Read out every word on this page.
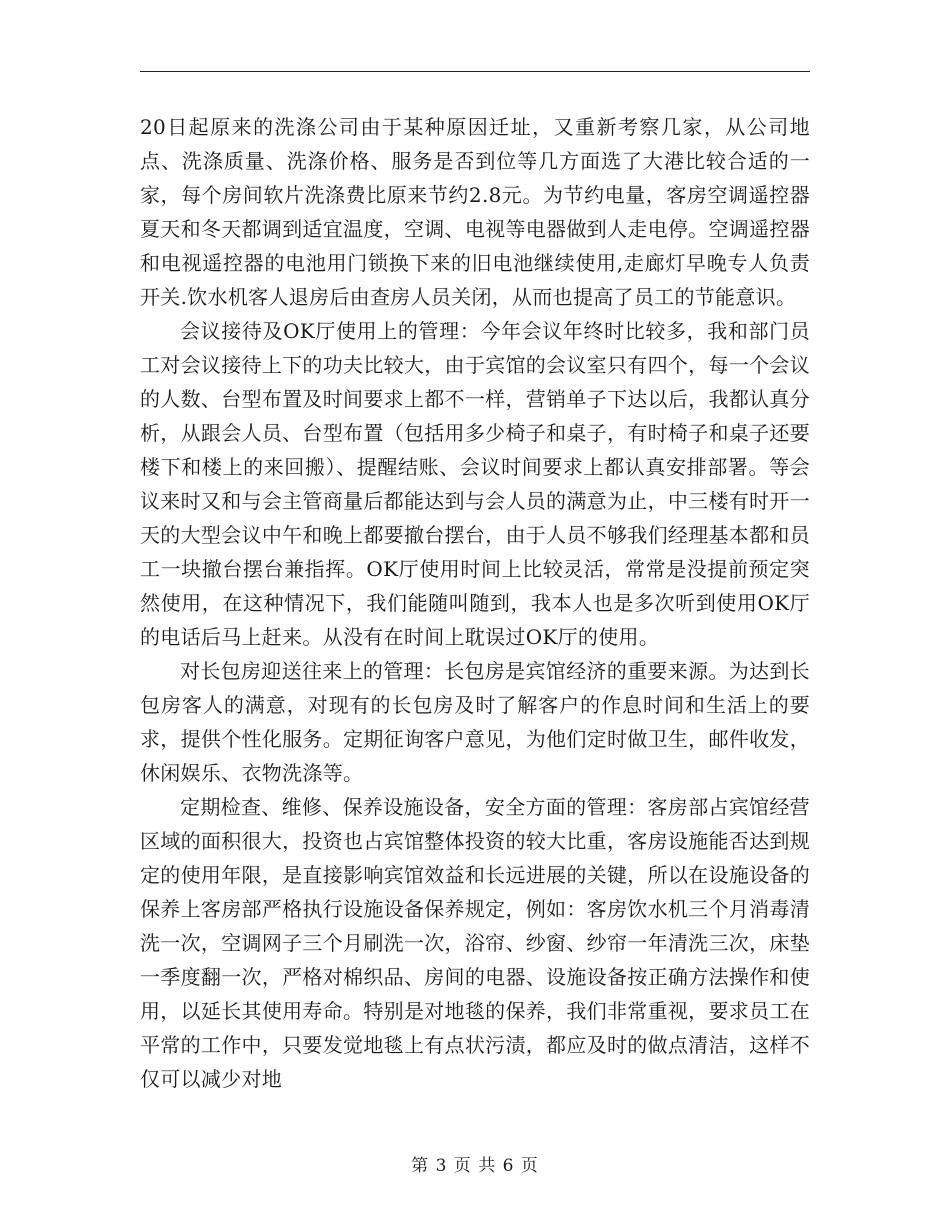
20日起原来的洗涤公司由于某种原因迁址，又重新考察几家，从公司地点、洗涤质量、洗涤价格、服务是否到位等几方面选了大港比较合适的一家，每个房间软片洗涤费比原来节约2.8元。为节约电量，客房空调遥控器夏天和冬天都调到适宜温度，空调、电视等电器做到人走电停。空调遥控器和电视遥控器的电池用门锁换下来的旧电池继续使用,走廊灯早晚专人负责开关.饮水机客人退房后由查房人员关闭，从而也提高了员工的节能意识。

会议接待及OK厅使用上的管理：今年会议年终时比较多，我和部门员工对会议接待上下的功夫比较大，由于宾馆的会议室只有四个，每一个会议的人数、台型布置及时间要求上都不一样，营销单子下达以后，我都认真分析，从跟会人员、台型布置（包括用多少椅子和桌子，有时椅子和桌子还要楼下和楼上的来回搬）、提醒结账、会议时间要求上都认真安排部署。等会议来时又和与会主管商量后都能达到与会人员的满意为止，中三楼有时开一天的大型会议中午和晚上都要撤台摆台，由于人员不够我们经理基本都和员工一块撤台摆台兼指挥。OK厅使用时间上比较灵活，常常是没提前预定突然使用，在这种情况下，我们能随叫随到，我本人也是多次听到使用OK厅的电话后马上赶来。从没有在时间上耽误过OK厅的使用。

对长包房迎送往来上的管理：长包房是宾馆经济的重要来源。为达到长包房客人的满意，对现有的长包房及时了解客户的作息时间和生活上的要求，提供个性化服务。定期征询客户意见，为他们定时做卫生，邮件收发，休闲娱乐、衣物洗涤等。

定期检查、维修、保养设施设备，安全方面的管理：客房部占宾馆经营区域的面积很大，投资也占宾馆整体投资的较大比重，客房设施能否达到规定的使用年限，是直接影响宾馆效益和长远进展的关键，所以在设施设备的保养上客房部严格执行设施设备保养规定，例如：客房饮水机三个月消毒清洗一次，空调网子三个月刷洗一次，浴帘、纱窗、纱帘一年清洗三次，床垫一季度翻一次，严格对棉织品、房间的电器、设施设备按正确方法操作和使用，以延长其使用寿命。特别是对地毯的保养，我们非常重视，要求员工在平常的工作中，只要发觉地毯上有点状污渍，都应及时的做点清洁，这样不仅可以减少对地

第 3 页 共 6 页
